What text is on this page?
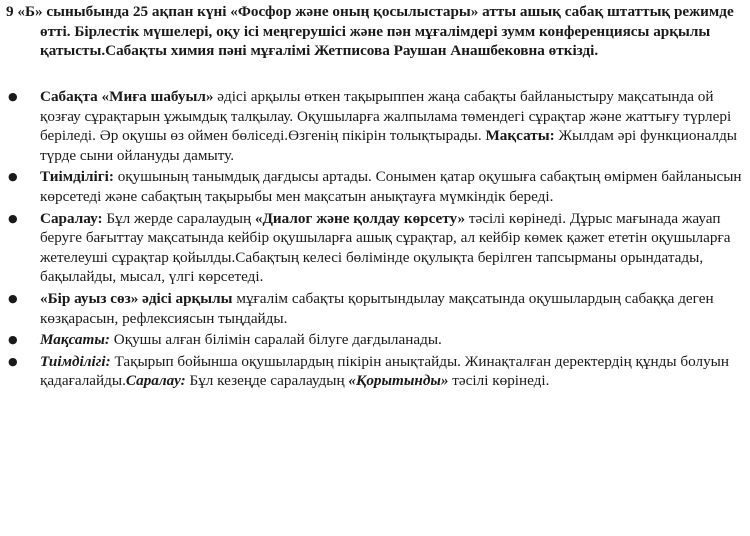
9 «Б» сыныбында 25 ақпан күні «Фосфор және оның қосылыстары» атты ашық сабақ штаттық режимде өтті. Бірлестік мүшелері, оқу ісі меңгерушісі және пән мұғалімдері зумм конференциясы арқылы қатысты.Сабақты химия пәні мұғалімі Жетписова Раушан Анашбековна өткізді.
● Сабақта «Миға шабуыл» әдісі арқылы өткен тақырыппен жаңа сабақты байланыстыру мақсатында ой қозғау сұрақтарын ұжымдық талқылау. Оқушыларға жалпылама төмендегі сұрақтар және жаттығу түрлері беріледі. Әр оқушы өз оймен бөліседі.Өзгенің пікірін толықтырады. Мақсаты: Жылдам әрі функционалды түрде сыни ойлануды дамыту.
● Тиімділігі: оқушының танымдық дағдысы артады. Сонымен қатар оқушыға сабақтың өмірмен байланысын көрсетеді және сабақтың тақырыбы мен мақсатын анықтауға мүмкіндік береді.
● Саралау: Бұл жерде саралаудың «Диалог және қолдау көрсету» тәсілі көрінеді. Дұрыс мағынада жауап беруге бағыттау мақсатында кейбір оқушыларға ашық сұрақтар, ал кейбір көмек қажет ететін оқушыларға жетелеуші сұрақтар қойылды.Сабақтың келесі бөлімінде оқулықта берілген тапсырманы орындатады, бақылайды, мысал, үлгі көрсетеді.
● «Бір ауыз сөз» әдісі арқылы мұғалім сабақты қорытындылау мақсатында оқушылардың сабаққа деген көзқарасын, рефлексиясын тыңдайды.
● Мақсаты: Оқушы алған білімін саралай білуге дағдыланады.
● Тиімділігі: Тақырып бойынша оқушылардың пікірін анықтайды. Жинақталған деректердің құнды болуын қадағалайды.Саралау: Бұл кезеңде саралаудың «Қорытынды» тәсілі көрінеді.
